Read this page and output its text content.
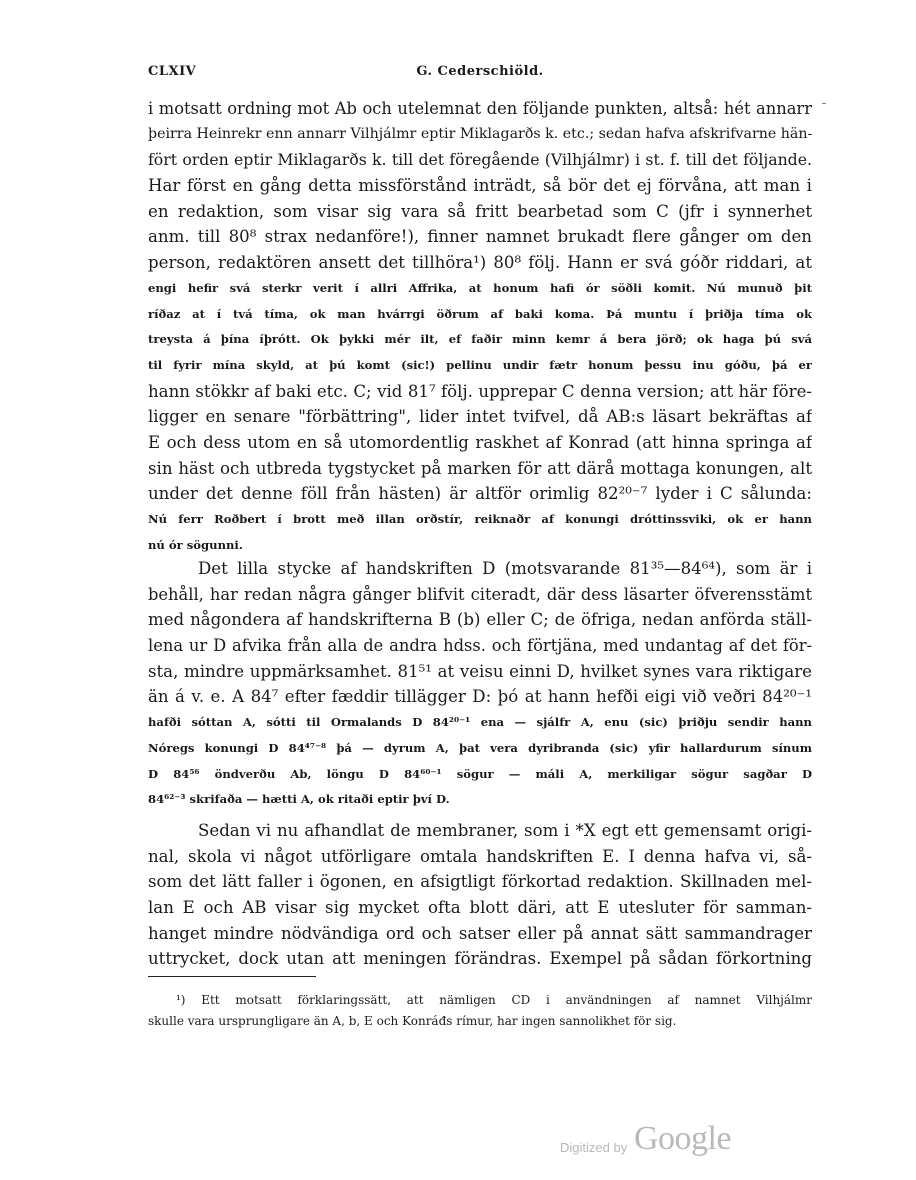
CLXIV	G. Cederschiöld.
i motsatt ordning mot Ab och utelemnat den följande punkten, altså: hét annarr
þeirra Heinrekr enn annarr Vilhjálmr eptir Miklagarðs k. etc.; sedan hafva afskrifvarne hän-
fört orden eptir Miklagarðs k. till det föregående (Vilhjálmr) i st. f. till det följande.
Har först en gång detta missförstånd inträdt, så bör det ej förvåna, att man i
en redaktion, som visar sig vara så fritt bearbetad som C (jfr i synnerhet
anm. till 80⁸ strax nedanföre!), finner namnet brukadt flere gånger om den
person, redaktören ansett det tillhöra¹) 80⁸ följ. Hann er svá góðr riddari, at
engi hefir svá sterkr verit í allri Affrika, at honum hafi ór söðli komit. Nú munuð þit
ríðaz at í tvá tíma, ok man hvárrgi öðrum af baki koma. Þá muntu í þriðja tíma ok
treysta á þína íþrótt. Ok þykki mér ilt, ef faðir minn kemr á bera jörð; ok haga þú svá
til fyrir mína skyld, at þú komt (sic!) pellinu undir fætr honum þessu inu góðu, þá er
hann stökkr af baki etc. C; vid 81⁷ följ. upprepar C denna version; att här före-
ligger en senare "förbättring", lider intet tvifvel, då AB:s läsart bekräftas af
E och dess utom en så utomordentlig raskhet af Konrad (att hinna springa af
sin häst och utbreda tygstycket på marken för att därå mottaga konungen, alt
under det denne föll från hästen) är altför orimlig 82²⁰⁻⁷ lyder i C sålunda:
Nú ferr Roðbert í brott með illan orðstír, reiknaðr af konungi dróttinssviki, ok er hann
nú ór sögunni.
Det lilla stycke af handskriften D (motsvarande 81³⁵—84⁶⁴), som är i
behåll, har redan några gånger blifvit citeradt, där dess läsarter öfverensstämt
med någondera af handskrifterna B (b) eller C; de öfriga, nedan anförda ställ-
lena ur D afvika från alla de andra hdss. och förtjäna, med undantag af det för-
sta, mindre uppmärksamhet. 81⁵¹ at veisu einni D, hvilket synes vara riktigare
än á v. e. A 84⁷ efter fæddir tillägger D: þó at hann hefði eigi við veðri 84²⁰⁻¹
hafði sóttan A, sótti til Ormalands D 84²⁰⁻¹ ena — sjálfr A, enu (sic) þriðju sendir hann
Nóregs konungi D 84⁴⁷⁻⁸ þá — dyrum A, þat vera dyribranda (sic) yfir hallardurum sínum
D 84⁵⁶ öndverðu Ab, löngu D 84⁶⁰⁻¹ sögur — máli A, merkiligar sögur sagðar D
84⁶²⁻³ skrifaða — hætti A, ok ritaði eptir því D.
Sedan vi nu afhandlat de membraner, som i *X egt ett gemensamt origi-
nal, skola vi något utförligare omtala handskriften E. I denna hafva vi, så-
som det lätt faller i ögonen, en afsigtligt förkortad redaktion. Skillnaden mel-
lan E och AB visar sig mycket ofta blott däri, att E utesluter för samman-
hanget mindre nödvändiga ord och satser eller på annat sätt sammandrager
uttrycket, dock utan att meningen förändras. Exempel på sådan förkortning
¹) Ett motsatt förklaringssätt, att nämligen CD i användningen af namnet Vilhjálmr
skulle vara ursprungligare än A, b, E och Konráđs rímur, har ingen sannolikhet för sig.
Digitized by Google
